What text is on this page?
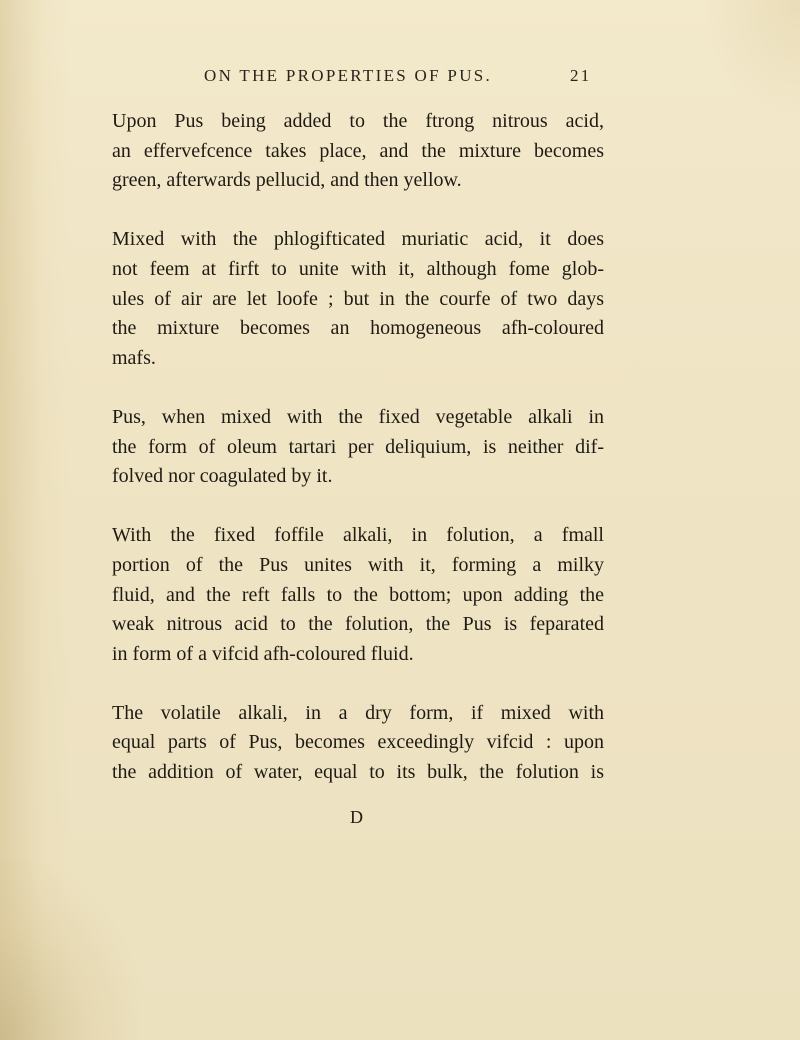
ON THE PROPERTIES OF PUS.	21

Upon Pus being added to the ftrong nitrous acid,
an effervefcence takes place, and the mixture becomes
green, afterwards pellucid, and then yellow.

Mixed with the phlogifticated muriatic acid, it does
not feem at firft to unite with it, although fome glob-
ules of air are let loofe ; but in the courfe of two days
the mixture becomes an homogeneous afh-coloured
mafs.

Pus, when mixed with the fixed vegetable alkali in
the form of oleum tartari per deliquium, is neither dif-
folved nor coagulated by it.

With the fixed foffile alkali, in folution, a fmall
portion of the Pus unites with it, forming a milky
fluid, and the reft falls to the bottom; upon adding the
weak nitrous acid to the folution, the Pus is feparated
in form of a vifcid afh-coloured fluid.

The volatile alkali, in a dry form, if mixed with
equal parts of Pus, becomes exceedingly vifcid : upon
the addition of water, equal to its bulk, the folution is

D
